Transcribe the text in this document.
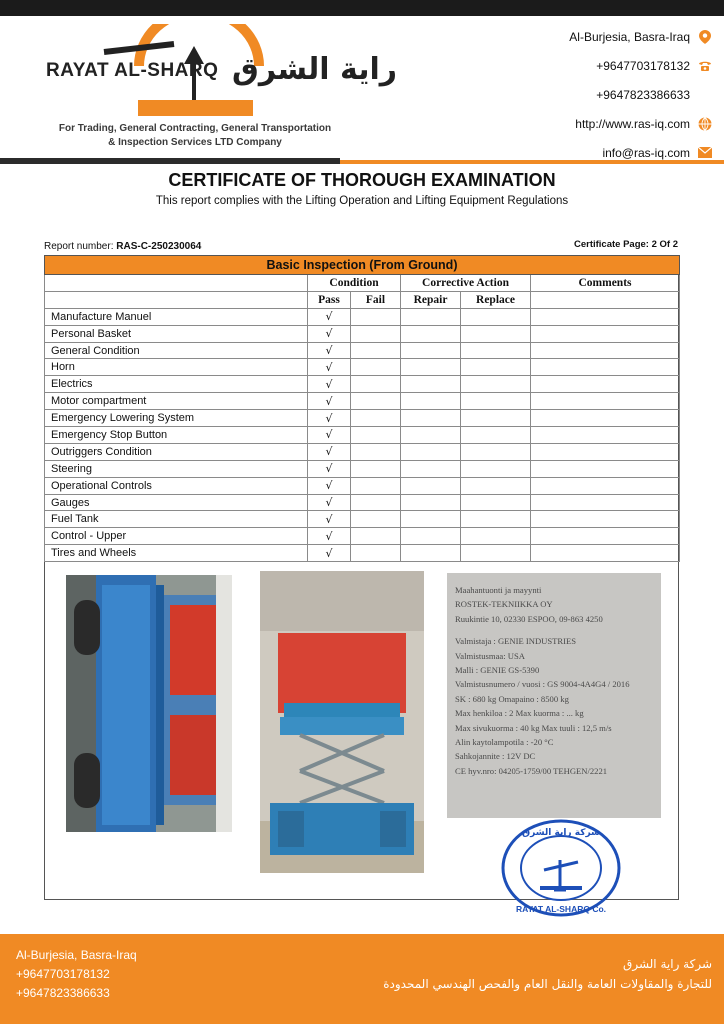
RAYAT AL-SHARQ راية الشرق
For Trading, General Contracting, General Transportation
& Inspection Services LTD Company
Al-Burjesia, Basra-Iraq
+9647703178132
+9647823386633
http://www.ras-iq.com
info@ras-iq.com
CERTIFICATE OF THOROUGH EXAMINATION
This report complies with the Lifting Operation and Lifting Equipment Regulations
Report number: RAS-C-250230064	Certificate Page: 2 Of 2
Basic Inspection (From Ground)					
	Condition		Corrective Action		Comments
	Pass	Fail	Repair	Replace	
Manufacture Manuel	√				
Personal Basket	√				
General Condition	√				
Horn	√				
Electrics	√				
Motor compartment	√				
Emergency Lowering System	√				
Emergency Stop Button	√				
Outriggers Condition	√				
Steering	√				
Operational Controls	√				
Gauges	√				
Fuel Tank	√				
Control - Upper	√				
Tires and Wheels	√				
Maahantuonti ja mayynti
ROSTEK-TEKNIIKKA OY
Ruukintie 10, 02330 ESPOO, 09-863 4250
Valmistaja : GENIE INDUSTRIES
Valmistusmaa: USA
Malli : GENIE GS-5390
Valmistusnumero / vuosi : GS 9004-4A4G4 / 2016
SK : 680 kg Omapaino : 8500 kg
Max henkiloa : 2 Max kuorma : ... kg
Max sivukuorma : 40 kg Max tuuli : 12,5 m/s
Alin kaytolampotila : -20 °C
Sahkojannite : 12V DC
CE hyv.nro: 04205-1759/00 TEHGEN/2221
شركة راية الشرق
RAYAT AL-SHARQ Co.
Al-Burjesia, Basra-Iraq
+9647703178132
+9647823386633
شركة راية الشرق
للتجارة والمقاولات العامة والنقل العام والفحص الهندسي المحدودة
